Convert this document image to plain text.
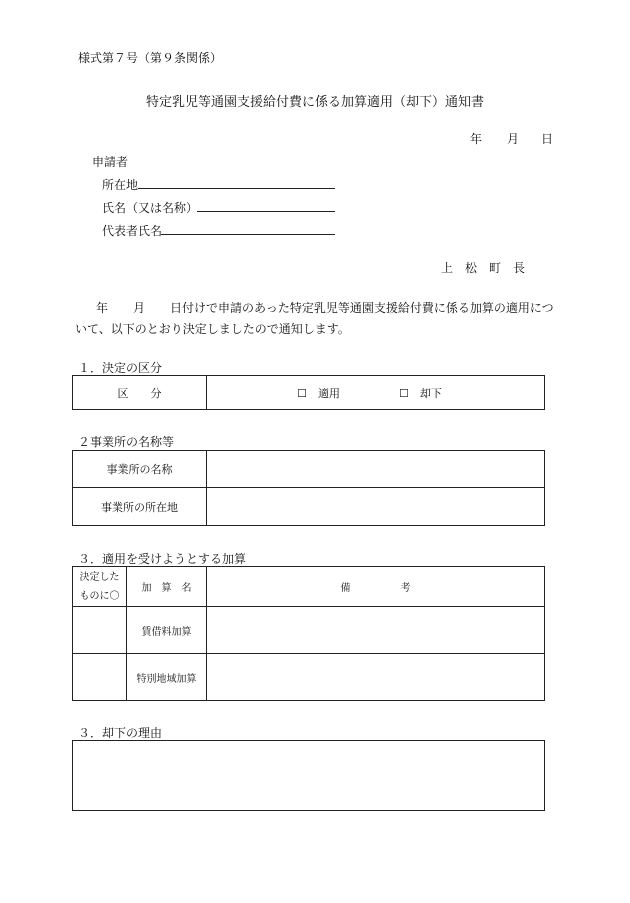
様式第７号（第９条関係）
特定乳児等通園支援給付費に係る加算適用（却下）通知書
年 月 日
申請者
所在地
氏名（又は名称）
代表者氏名
上　松　町　長
年 月 日付けで申請のあった特定乳児等通園支援給付費に係る加算の適用につ
いて、以下のとおり決定しましたので通知します。
１．決定の区分
区　　分	☐　適用	☐　却下
２事業所の名称等
事業所の名称	
事業所の所在地	
３．適用を受けようとする加算
決定した
ものに〇	加　算　名	備　　　　　考
	賃借料加算	
	特別地域加算	
３．却下の理由
